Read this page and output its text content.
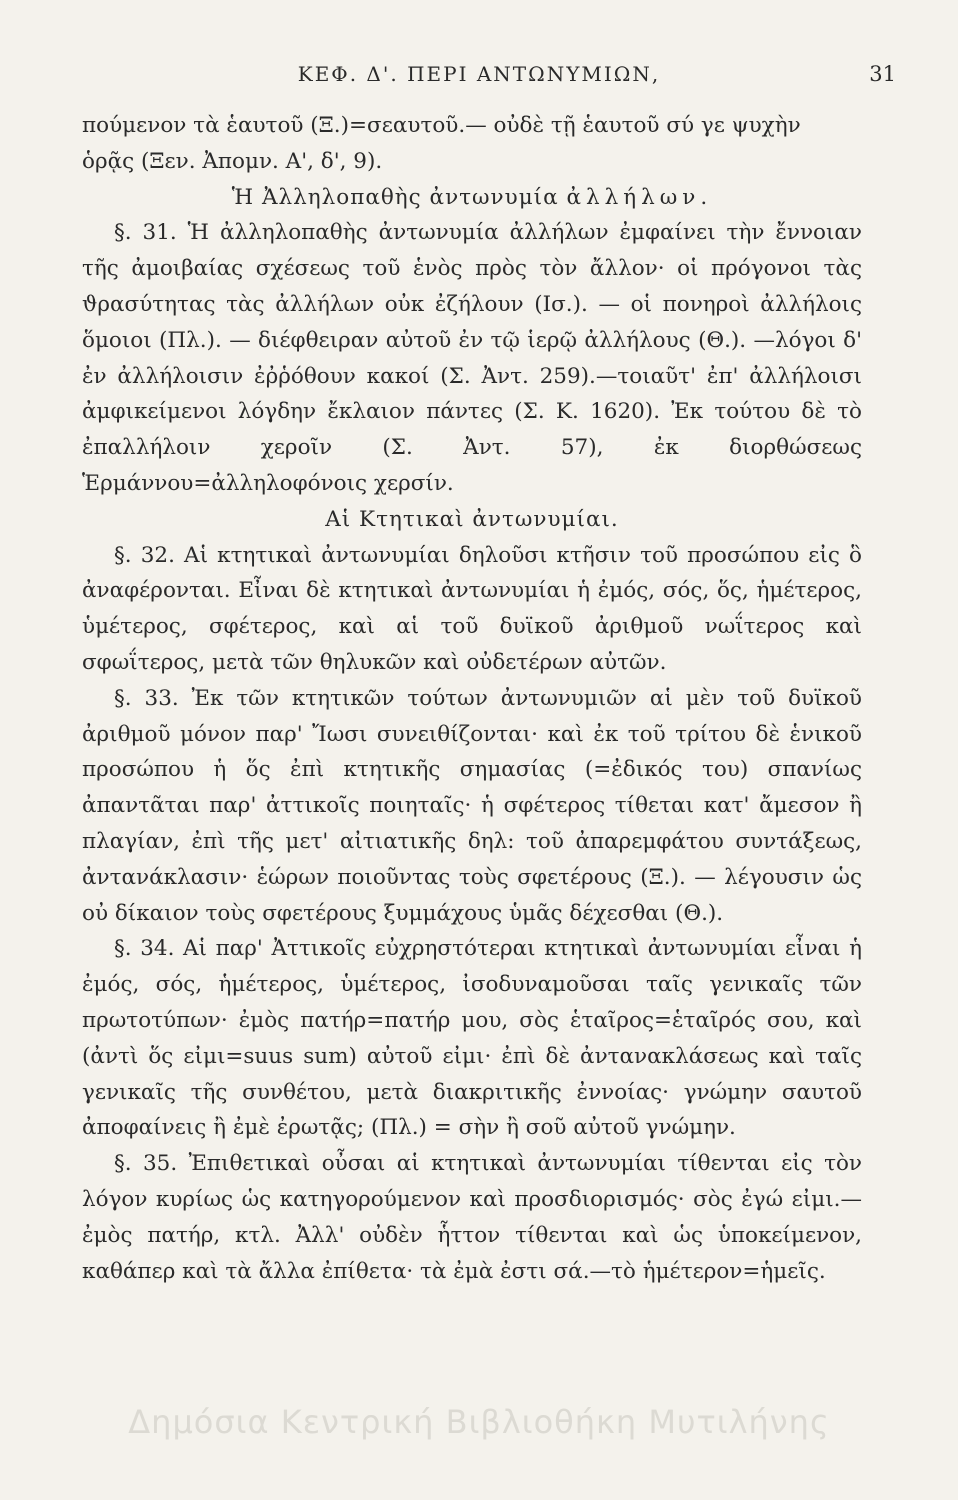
ΚΕΦ. Δ'. ΠΕΡΙ ΑΝΤΩΝΥΜΙΩΝ,	31

πούμενον τὰ ἑαυτοῦ (Ξ.)=σεαυτοῦ.— οὐδὲ τῇ ἑαυτοῦ σύ γε ψυχὴν

ὁρᾷς (Ξεν. Ἀπομν. Α', δ', 9).

Ἡ Ἀλληλοπαθὴς ἀντωνυμία ἀλλήλων.

§. 31. Ἡ ἀλληλοπαθὴς ἀντωνυμία ἀλλήλων ἐμφαίνει τὴν ἔννοιαν τῆς ἀμοιβαίας σχέσεως τοῦ ἑνὸς πρὸς τὸν ἄλλον· οἱ πρόγονοι τὰς ϑρασύτητας τὰς ἀλλήλων οὐκ ἐζήλουν (Ισ.). — οἱ πονηροὶ ἀλλήλοις ὅμοιοι (Πλ.). — διέφθειραν αὐτοῦ ἐν τῷ ἱερῷ ἀλλήλους (Θ.). —λόγοι δ' ἐν ἀλλήλοισιν ἐῤῥόθουν κακοί (Σ. Ἀντ. 259).—τοιαῦτ' ἐπ' ἀλλήλοισι ἀμφικείμενοι λόγδην ἔκλαιον πάντες (Σ. Κ. 1620). Ἐκ τούτου δὲ τὸ ἐπαλλήλοιν χεροῖν (Σ. Ἀντ. 57), ἐκ διορθώσεως Ἑρμάννου=ἀλληλοφόνοις χερσίν.

Αἱ Κτητικαὶ ἀντωνυμίαι.

§. 32. Αἱ κτητικαὶ ἀντωνυμίαι δηλοῦσι κτῆσιν τοῦ προσώπου εἰς ὃ ἀναφέρονται. Εἶναι δὲ κτητικαὶ ἀντωνυμίαι ἡ ἐμός, σός, ὅς, ἡμέτερος, ὑμέτερος, σφέτερος, καὶ αἱ τοῦ δυϊκοῦ ἀριθμοῦ νωΐτερος καὶ σφωΐτερος, μετὰ τῶν θηλυκῶν καὶ οὐδετέρων αὐτῶν.

§. 33. Ἐκ τῶν κτητικῶν τούτων ἀντωνυμιῶν αἱ μὲν τοῦ δυϊκοῦ ἀριθμοῦ μόνον παρ' Ἴωσι συνειθίζονται· καὶ ἐκ τοῦ τρίτου δὲ ἑνικοῦ προσώπου ἡ ὅς ἐπὶ κτητικῆς σημασίας (=ἐδικός του) σπανίως ἀπαντᾶται παρ' ἀττικοῖς ποιηταῖς· ἡ σφέτερος τίθεται κατ' ἄμεσον ἢ πλαγίαν, ἐπὶ τῆς μετ' αἰτιατικῆς δηλ: τοῦ ἀπαρεμφάτου συντάξεως, ἀντανάκλασιν· ἑώρων ποιοῦντας τοὺς σφετέρους (Ξ.). — λέγουσιν ὡς οὐ δίκαιον τοὺς σφετέρους ξυμμάχους ὑμᾶς δέχεσθαι (Θ.).

§. 34. Αἱ παρ' Ἀττικοῖς εὐχρηστότεραι κτητικαὶ ἀντωνυμίαι εἶναι ἡ ἐμός, σός, ἡμέτερος, ὑμέτερος, ἰσοδυναμοῦσαι ταῖς γενικαῖς τῶν πρωτοτύπων· ἐμὸς πατήρ=πατήρ μου, σὸς ἑταῖρος=ἑταῖρός σου, καὶ (ἀντὶ ὅς εἰμι=suus sum) αὐτοῦ εἰμι· ἐπὶ δὲ ἀντανακλάσεως καὶ ταῖς γενικαῖς τῆς συνθέτου, μετὰ διακριτικῆς ἐννοίας· γνώμην σαυτοῦ ἀποφαίνεις ἢ ἐμὲ ἐρωτᾷς; (Πλ.) = σὴν ἢ σοῦ αὐτοῦ γνώμην.

§. 35. Ἐπιθετικαὶ οὖσαι αἱ κτητικαὶ ἀντωνυμίαι τίθενται εἰς τὸν λόγον κυρίως ὡς κατηγορούμενον καὶ προσδιορισμός· σὸς ἐγώ εἰμι.— ἐμὸς πατήρ, κτλ. Ἀλλ' οὐδὲν ἧττον τίθενται καὶ ὡς ὑποκείμενον, καθάπερ καὶ τὰ ἄλλα ἐπίθετα· τὰ ἐμὰ ἐστι σά.—τὸ ἡμέτερον=ἡμεῖς.

Δημόσια Κεντρική Βιβλιοθήκη Μυτιλήνης
